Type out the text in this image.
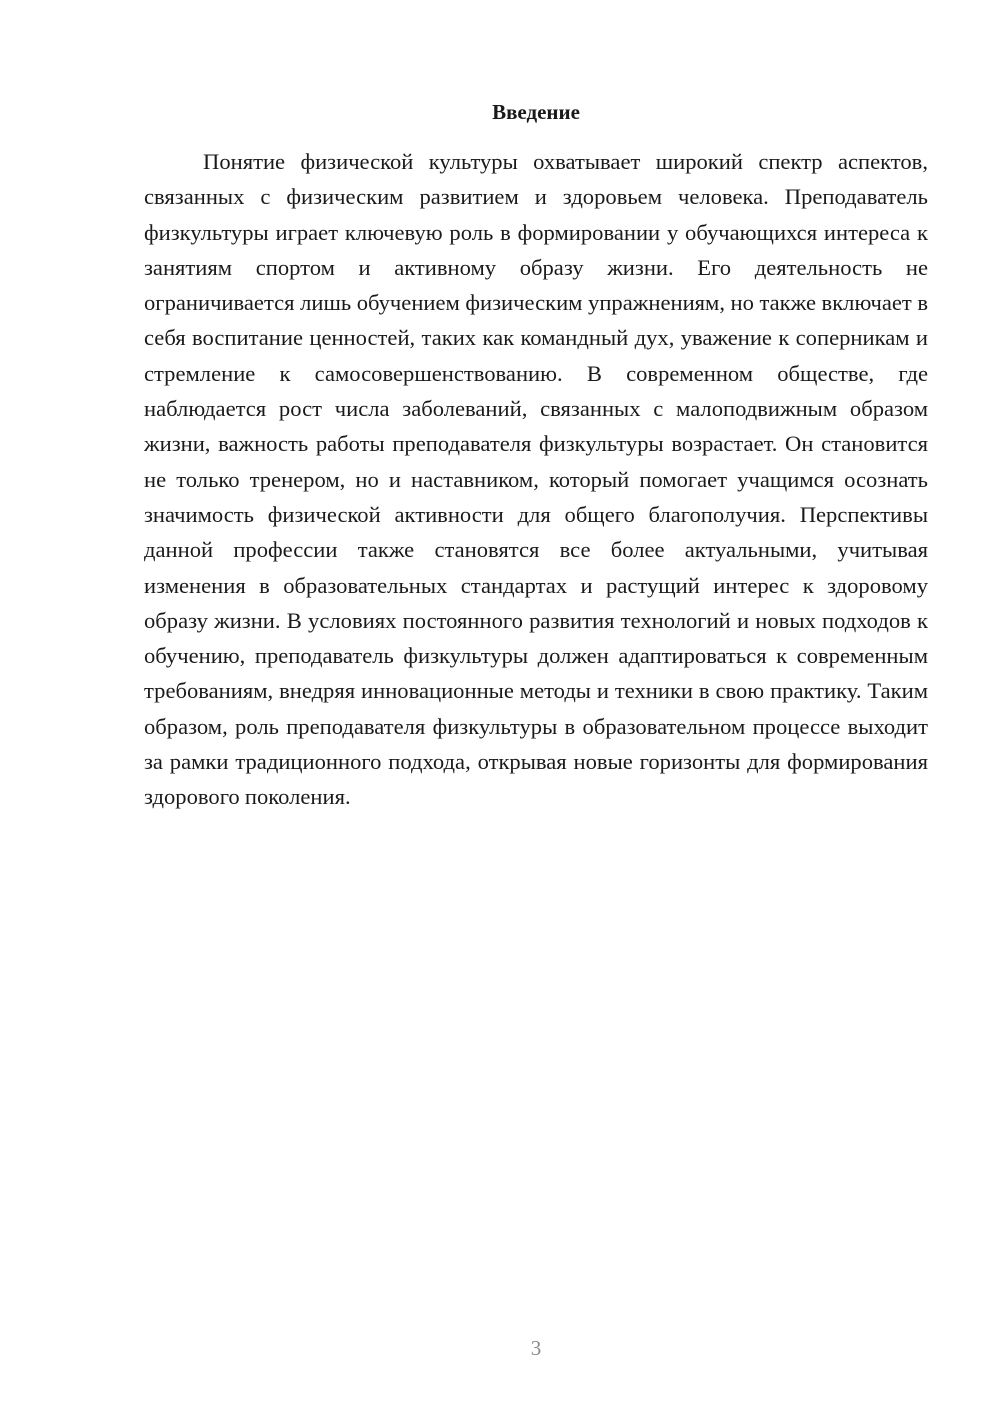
Введение

Понятие физической культуры охватывает широкий спектр аспектов, связанных с физическим развитием и здоровьем человека. Преподаватель физкультуры играет ключевую роль в формировании у обучающихся интереса к занятиям спортом и активному образу жизни. Его деятельность не ограничивается лишь обучением физическим упражнениям, но также включает в себя воспитание ценностей, таких как командный дух, уважение к соперникам и стремление к самосовершенствованию. В современном обществе, где наблюдается рост числа заболеваний, связанных с малоподвижным образом жизни, важность работы преподавателя физкультуры возрастает. Он становится не только тренером, но и наставником, который помогает учащимся осознать значимость физической активности для общего благополучия. Перспективы данной профессии также становятся все более актуальными, учитывая изменения в образовательных стандартах и растущий интерес к здоровому образу жизни. В условиях постоянного развития технологий и новых подходов к обучению, преподаватель физкультуры должен адаптироваться к современным требованиям, внедряя инновационные методы и техники в свою практику. Таким образом, роль преподавателя физкультуры в образовательном процессе выходит за рамки традиционного подхода, открывая новые горизонты для формирования здорового поколения.

3
